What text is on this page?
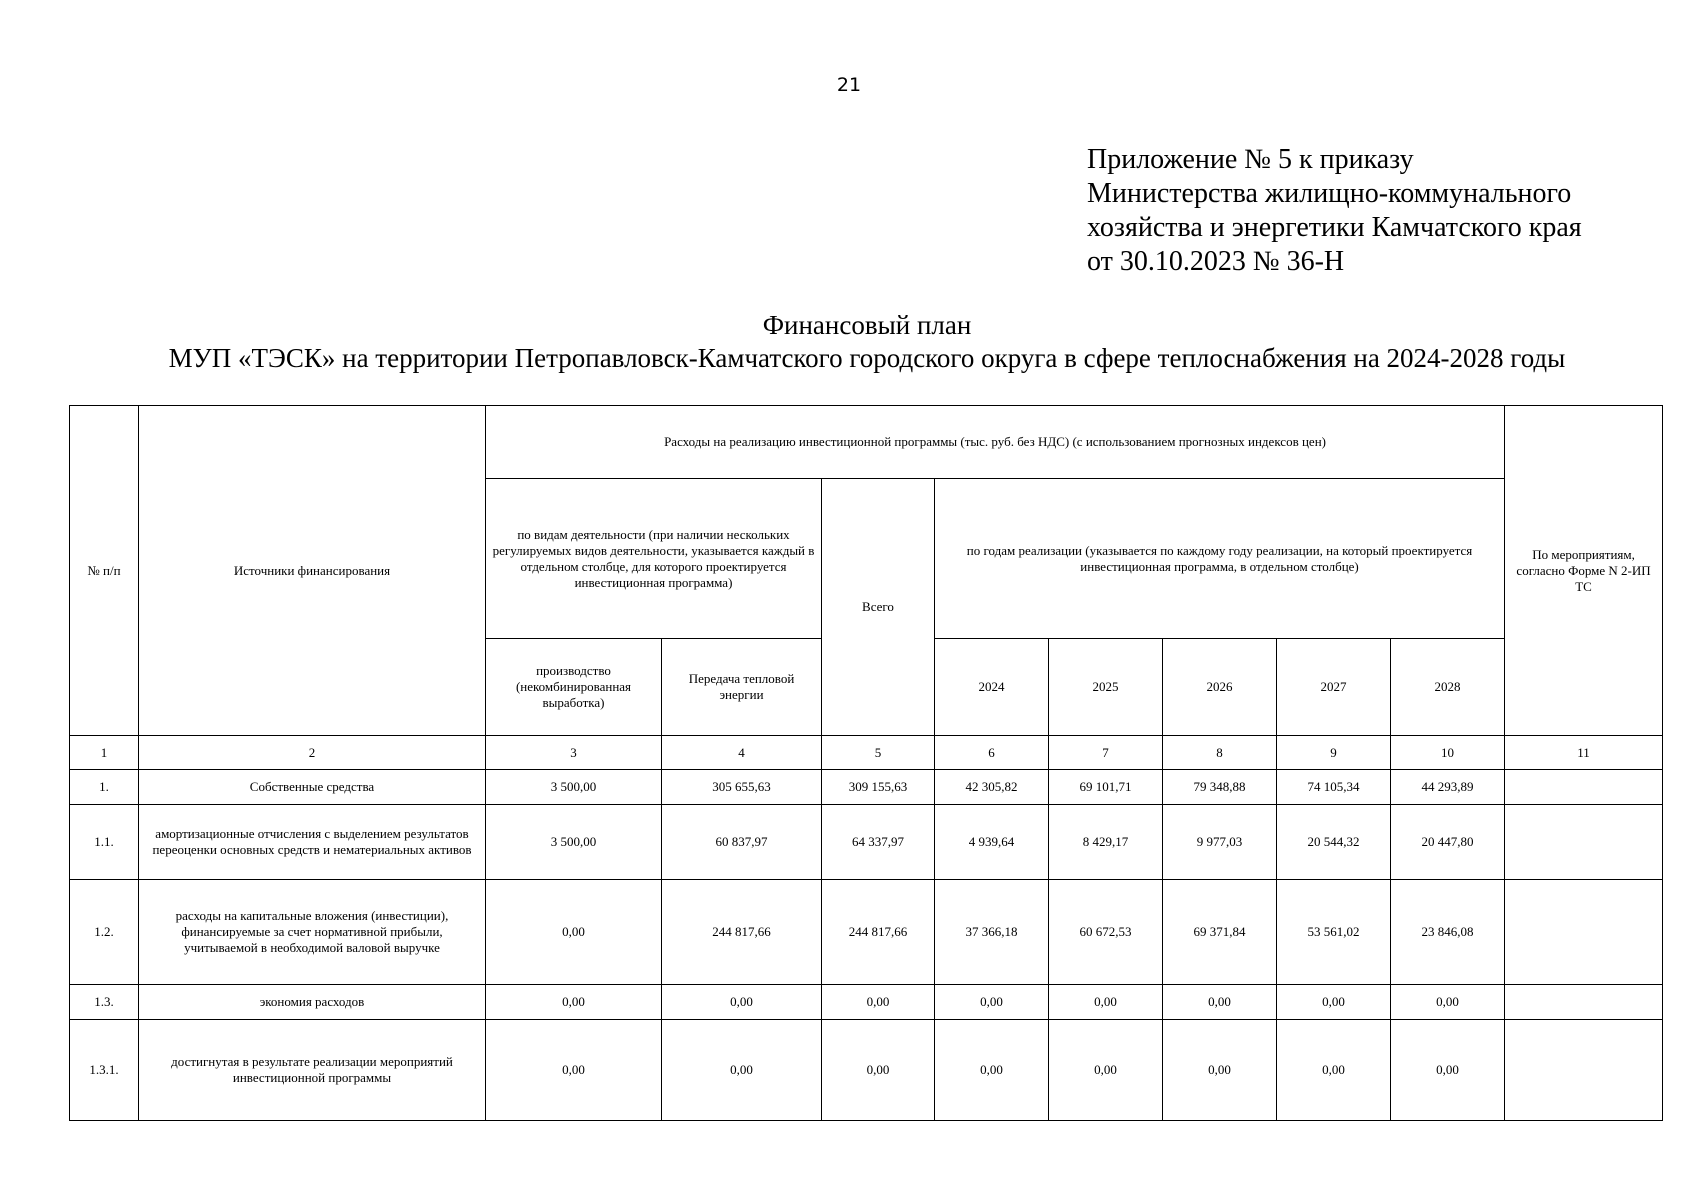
21
Приложение № 5 к приказу
Министерства жилищно-коммунального
хозяйства и энергетики Камчатского края
от 30.10.2023 № 36-Н
Финансовый план
МУП «ТЭСК» на территории Петропавловск-Камчатского городского округа в сфере теплоснабжения на 2024-2028 годы
№ п/п	Источники финансирования	Расходы на реализацию инвестиционной программы (тыс. руб. без НДС) (с использованием прогнозных индексов цен)								По мероприятиям, согласно Форме N 2-ИП ТС
		по видам деятельности (при наличии нескольких регулируемых видов деятельности, указывается каждый в отдельном столбце, для которого проектируется инвестиционная программа)		Всего	по годам реализации (указывается по каждому году реализации, на который проектируется инвестиционная программа, в отдельном столбце)					
		производство (некомбинированная выработка)	Передача тепловой энергии		2024	2025	2026	2027	2028	
1	2	3	4	5	6	7	8	9	10	11
1.	Собственные средства	3 500,00	305 655,63	309 155,63	42 305,82	69 101,71	79 348,88	74 105,34	44 293,89	
1.1.	амортизационные отчисления с выделением результатов переоценки основных средств и нематериальных активов	3 500,00	60 837,97	64 337,97	4 939,64	8 429,17	9 977,03	20 544,32	20 447,80	
1.2.	расходы на капитальные вложения (инвестиции), финансируемые за счет нормативной прибыли, учитываемой в необходимой валовой выручке	0,00	244 817,66	244 817,66	37 366,18	60 672,53	69 371,84	53 561,02	23 846,08	
1.3.	экономия расходов	0,00	0,00	0,00	0,00	0,00	0,00	0,00	0,00	
1.3.1.	достигнутая в результате реализации мероприятий инвестиционной программы	0,00	0,00	0,00	0,00	0,00	0,00	0,00	0,00	
